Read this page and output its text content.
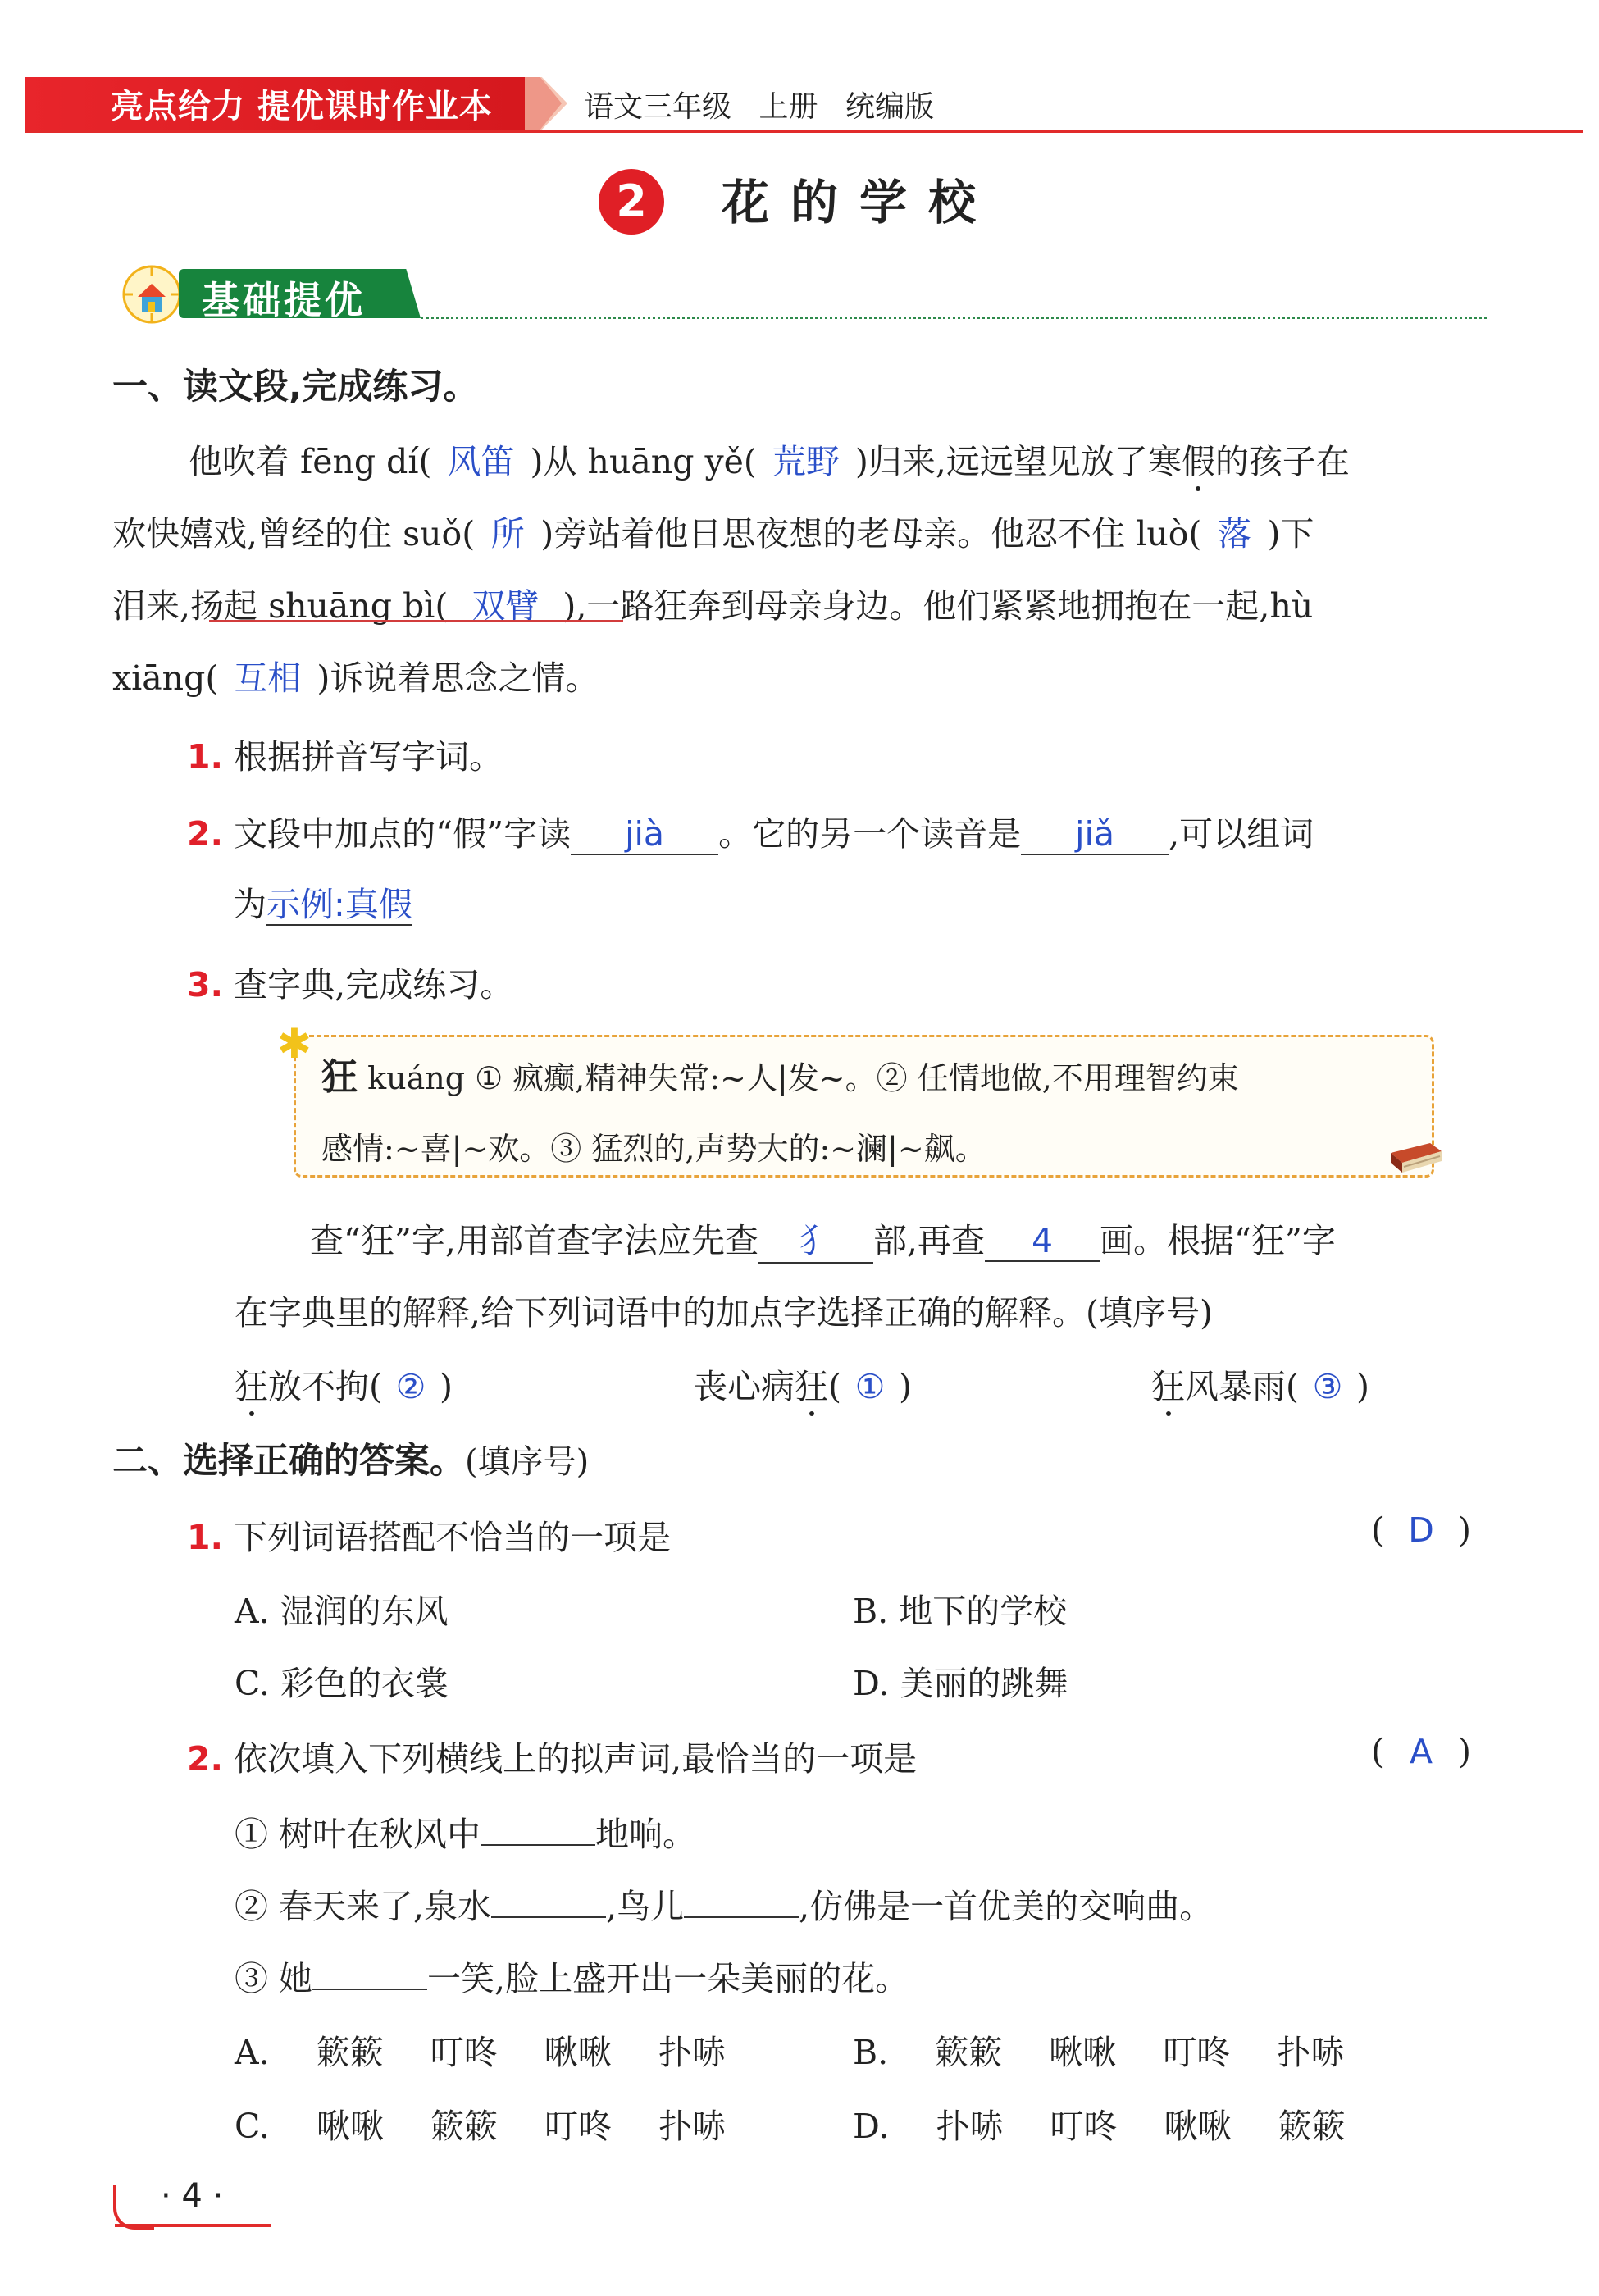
亮点给力 提优课时作业本	语文三年级 上册 统编版
2	花的学校
基础提优
一、读文段,完成练习。
他吹着 fēng dí( 风笛 )从 huāng yě( 荒野 )归来,远远望见放了寒假的孩子在
欢快嬉戏,曾经的住 suǒ( 所 )旁站着他日思夜想的老母亲。他忍不住 luò( 落 )下
泪来,扬起 shuāng bì( 双臂 ),一路狂奔到母亲身边。他们紧紧地拥抱在一起,hù
xiāng( 互相 )诉说着思念之情。
1. 根据拼音写字词。
2. 文段中加点的“假”字读 jià 。它的另一个读音是 jiǎ ,可以组词
为示例:真假
3. 查字典,完成练习。
✱
狂 kuáng ① 疯癫,精神失常:~人|发~。② 任情地做,不用理智约束
感情:~喜|~欢。③ 猛烈的,声势大的:~澜|~飙。
查“狂”字,用部首查字法应先查 犭 部,再查 4 画。根据“狂”字
在字典里的解释,给下列词语中的加点字选择正确的解释。(填序号)
狂放不拘( ② )	丧心病狂( ① )	狂风暴雨( ③ )
二、选择正确的答案。(填序号)
1. 下列词语搭配不恰当的一项是	( D )
A. 湿润的东风	B. 地下的学校
C. 彩色的衣裳	D. 美丽的跳舞
2. 依次填入下列横线上的拟声词,最恰当的一项是	( A )
① 树叶在秋风中	地响。
② 春天来了,泉水	,鸟儿	,仿佛是一首优美的交响曲。
③ 她	一笑,脸上盛开出一朵美丽的花。
A. 簌簌 叮咚 啾啾 扑哧	B. 簌簌 啾啾 叮咚 扑哧
C. 啾啾 簌簌 叮咚 扑哧	D. 扑哧 叮咚 啾啾 簌簌
· 4 ·
